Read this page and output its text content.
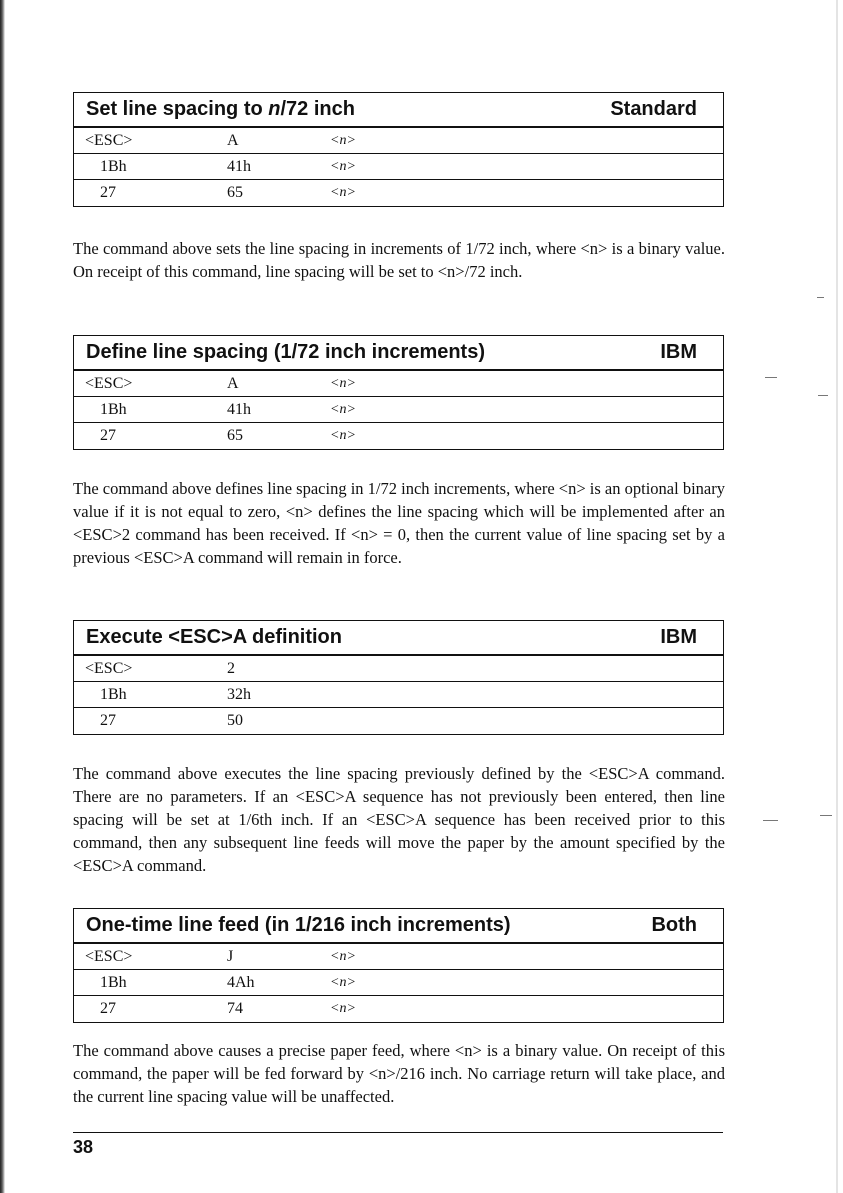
Set line spacing to n/72 inch	Standard
<ESC>	A	<n>
1Bh	41h	<n>
27	65	<n>

The command above sets the line spacing in increments of 1/72 inch, where <n> is a binary value. On receipt of this command, line spacing will be set to <n>/72 inch.

Define line spacing (1/72 inch increments)	IBM
<ESC>	A	<n>
1Bh	41h	<n>
27	65	<n>

The command above defines line spacing in 1/72 inch increments, where <n> is an optional binary value if it is not equal to zero, <n> defines the line spacing which will be implemented after an <ESC>2 command has been received. If <n> = 0, then the current value of line spacing set by a previous <ESC>A command will remain in force.

Execute <ESC>A definition	IBM
<ESC>	2
1Bh	32h
27	50

The command above executes the line spacing previously defined by the <ESC>A command. There are no parameters. If an <ESC>A sequence has not previously been entered, then line spacing will be set at 1/6th inch. If an <ESC>A sequence has been received prior to this command, then any subsequent line feeds will move the paper by the amount specified by the <ESC>A command.

One-time line feed (in 1/216 inch increments)	Both
<ESC>	J	<n>
1Bh	4Ah	<n>
27	74	<n>

The command above causes a precise paper feed, where <n> is a binary value. On receipt of this command, the paper will be fed forward by <n>/216 inch. No carriage return will take place, and the current line spacing value will be unaffected.

38
